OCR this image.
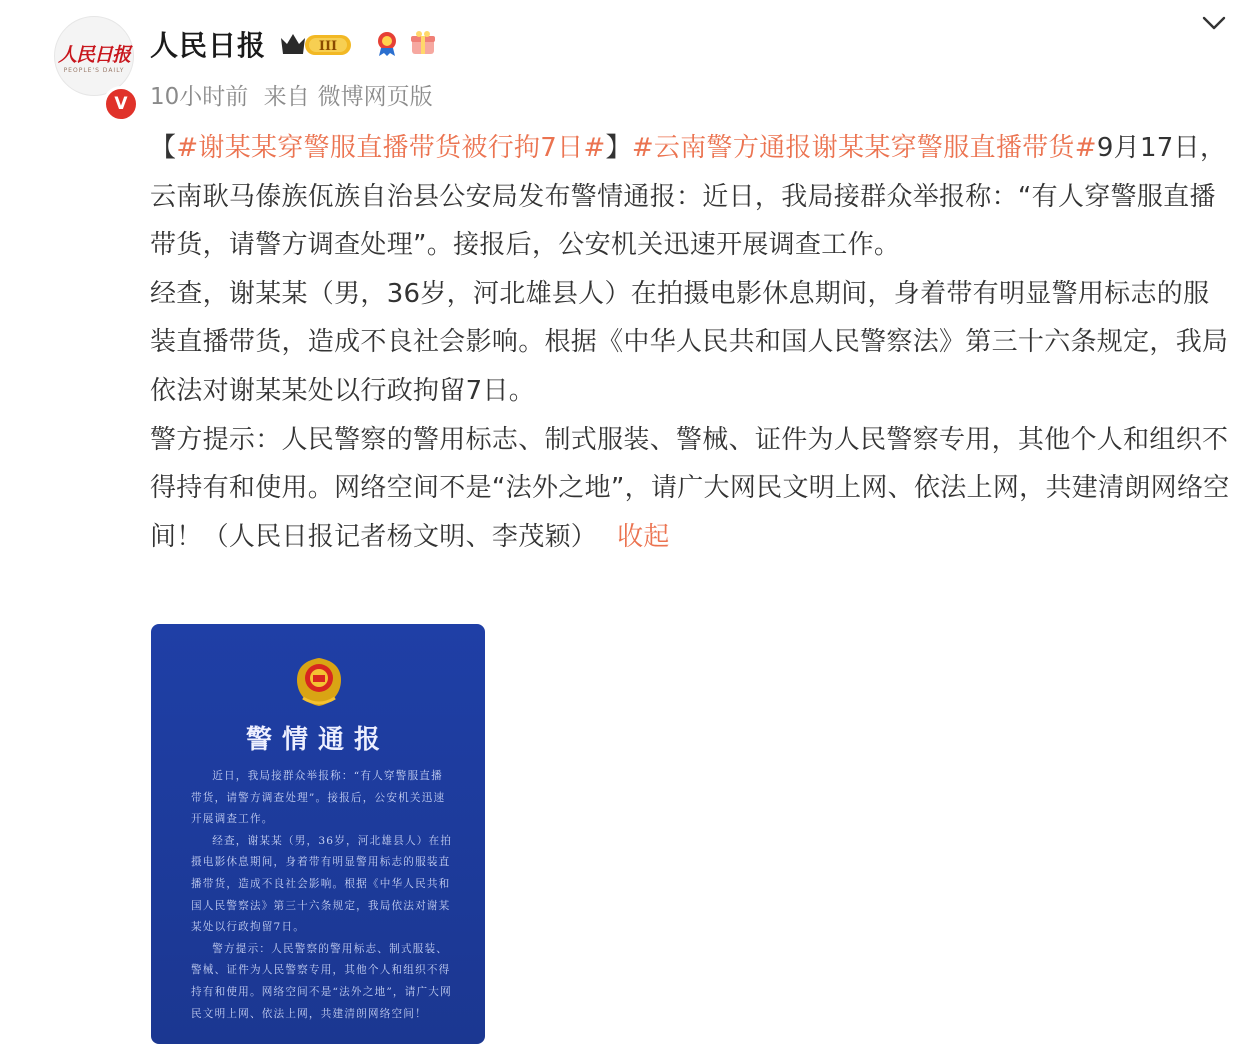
人民日报
PEOPLE'S DAILY
V
人民日报	III
10小时前 来自 微博网页版

【#谢某某穿警服直播带货被行拘7日#】#云南警方通报谢某某穿警服直播带货#9月17日，云南耿马傣族佤族自治县公安局发布警情通报：近日，我局接群众举报称：“有人穿警服直播带货，请警方调查处理”。接报后，公安机关迅速开展调查工作。

经查，谢某某（男，36岁，河北雄县人）在拍摄电影休息期间，身着带有明显警用标志的服装直播带货，造成不良社会影响。根据《中华人民共和国人民警察法》第三十六条规定，我局依法对谢某某处以行政拘留7日。

警方提示：人民警察的警用标志、制式服装、警械、证件为人民警察专用，其他个人和组织不得持有和使用。网络空间不是“法外之地”，请广大网民文明上网、依法上网，共建清朗网络空间！（人民日报记者杨文明、李茂颖） 收起

警情通报

近日，我局接群众举报称：“有人穿警服直播带货，请警方调查处理”。接报后，公安机关迅速开展调查工作。

经查，谢某某（男，36岁，河北雄县人）在拍摄电影休息期间，身着带有明显警用标志的服装直播带货，造成不良社会影响。根据《中华人民共和国人民警察法》第三十六条规定，我局依法对谢某某处以行政拘留7日。

警方提示：人民警察的警用标志、制式服装、警械、证件为人民警察专用，其他个人和组织不得持有和使用。网络空间不是“法外之地”，请广大网民文明上网、依法上网，共建清朗网络空间！
